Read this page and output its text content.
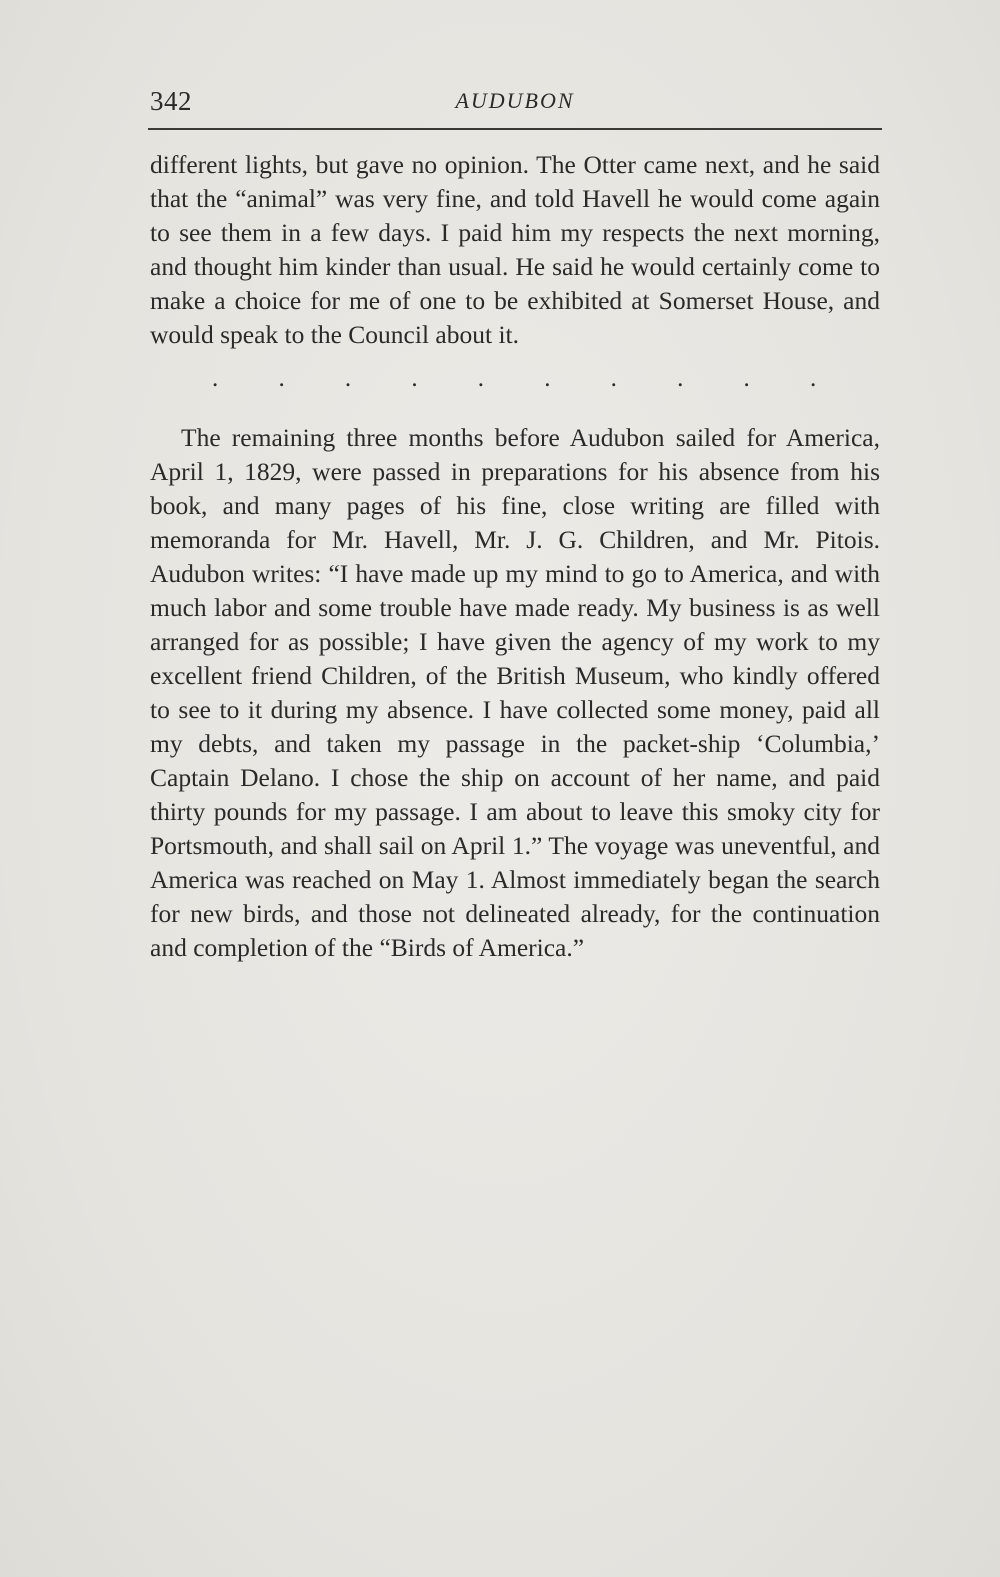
342	AUDUBON

different lights, but gave no opinion. The Otter came next, and he said that the “animal” was very fine, and told Havell he would come again to see them in a few days. I paid him my respects the next morning, and thought him kinder than usual. He said he would certainly come to make a choice for me of one to be exhibited at Somerset House, and would speak to the Council about it.

. . . . . . . . . .

The remaining three months before Audubon sailed for America, April 1, 1829, were passed in preparations for his absence from his book, and many pages of his fine, close writing are filled with memoranda for Mr. Havell, Mr. J. G. Children, and Mr. Pitois. Audubon writes: “I have made up my mind to go to America, and with much labor and some trouble have made ready. My business is as well arranged for as possible; I have given the agency of my work to my excellent friend Children, of the British Museum, who kindly offered to see to it during my absence. I have collected some money, paid all my debts, and taken my passage in the packet-ship ‘Columbia,’ Captain Delano. I chose the ship on account of her name, and paid thirty pounds for my passage. I am about to leave this smoky city for Portsmouth, and shall sail on April 1.” The voyage was uneventful, and America was reached on May 1. Almost immediately began the search for new birds, and those not delineated already, for the continuation and completion of the “Birds of America.”
